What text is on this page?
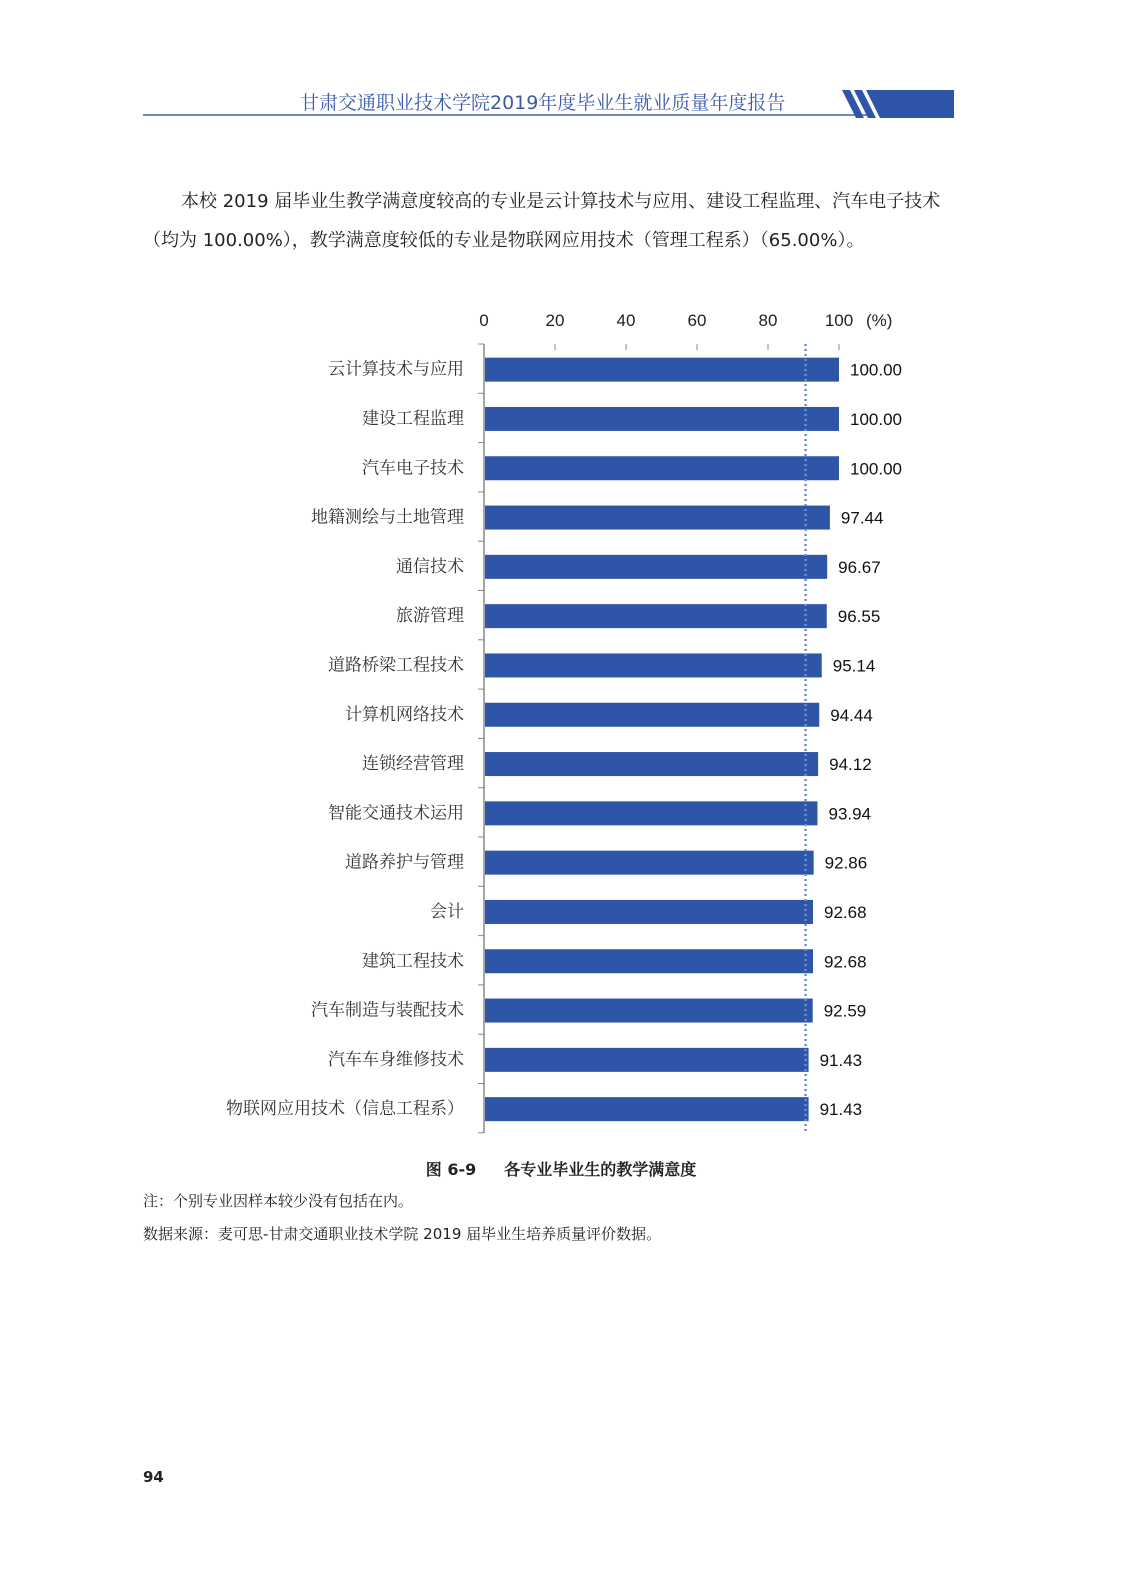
甘肃交通职业技术学院2019年度毕业生就业质量年度报告

本校 2019 届毕业生教学满意度较高的专业是云计算技术与应用、建设工程监理、汽车电子技术（均为 100.00%），教学满意度较低的专业是物联网应用技术（管理工程系）（65.00%）。

0	20	40	60	80	100 (%)
云计算技术与应用	100.00
建设工程监理	100.00
汽车电子技术	100.00
地籍测绘与土地管理	97.44
通信技术	96.67
旅游管理	96.55
道路桥梁工程技术	95.14
计算机网络技术	94.44
连锁经营管理	94.12
智能交通技术运用	93.94
道路养护与管理	92.86
会计	92.68
建筑工程技术	92.68
汽车制造与装配技术	92.59
汽车车身维修技术	91.43
物联网应用技术（信息工程系）	91.43
图 6-9 各专业毕业生的教学满意度
注：个别专业因样本较少没有包括在内。
数据来源：麦可思-甘肃交通职业技术学院 2019 届毕业生培养质量评价数据。
94
